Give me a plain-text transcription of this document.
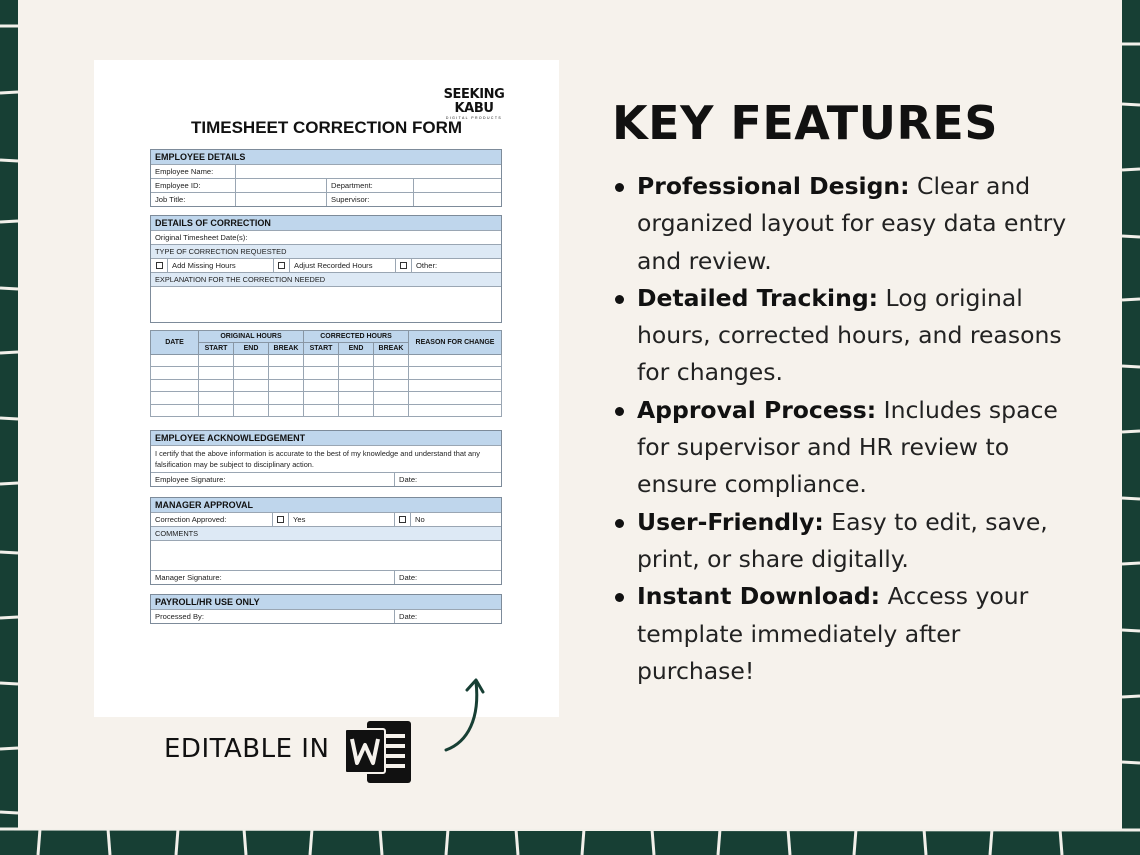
SEEKING KABU
DIGITAL PRODUCTS
TIMESHEET CORRECTION FORM
EMPLOYEE DETAILS
Employee Name:
Employee ID:	Department:
Job Title:	Supervisor:
DETAILS OF CORRECTION
Original Timesheet Date(s):
TYPE OF CORRECTION REQUESTED
Add Missing Hours	Adjust Recorded Hours	Other:
EXPLANATION FOR THE CORRECTION NEEDED
DATE	ORIGINAL HOURS			CORRECTED HOURS			REASON FOR CHANGE
	START	END	BREAK	START	END	BREAK	

EMPLOYEE ACKNOWLEDGEMENT
I certify that the above information is accurate to the best of my knowledge and understand that any falsification may be subject to disciplinary action.
Employee Signature:	Date:
MANAGER APPROVAL
Correction Approved:	Yes	No
COMMENTS
Manager Signature:	Date:
PAYROLL/HR USE ONLY
Processed By:	Date:
EDITABLE IN
KEY FEATURES
Professional Design: Clear and organized layout for easy data entry and review.
Detailed Tracking: Log original hours, corrected hours, and reasons for changes.
Approval Process: Includes space for supervisor and HR review to ensure compliance.
User-Friendly: Easy to edit, save, print, or share digitally.
Instant Download: Access your template immediately after purchase!
